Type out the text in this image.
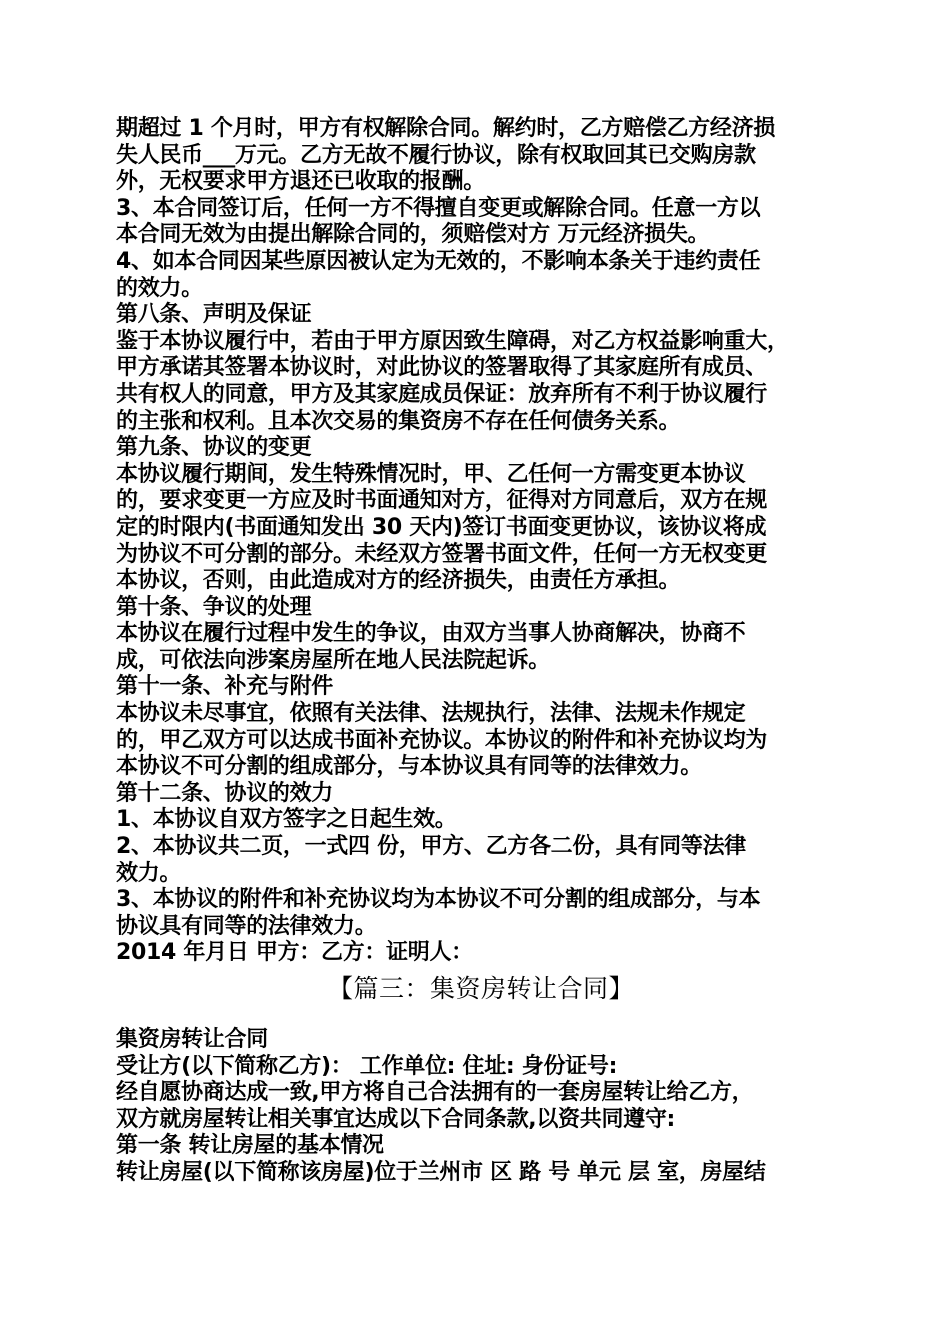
期超过 1 个月时，甲方有权解除合同。解约时，乙方赔偿乙方经济损
失人民币___万元。乙方无故不履行协议，除有权取回其已交购房款
外，无权要求甲方退还已收取的报酬。
3、本合同签订后，任何一方不得擅自变更或解除合同。任意一方以
本合同无效为由提出解除合同的，须赔偿对方 万元经济损失。
4、如本合同因某些原因被认定为无效的，不影响本条关于违约责任
的效力。
第八条、声明及保证
鉴于本协议履行中，若由于甲方原因致生障碍，对乙方权益影响重大，
甲方承诺其签署本协议时，对此协议的签署取得了其家庭所有成员、
共有权人的同意，甲方及其家庭成员保证：放弃所有不利于协议履行
的主张和权利。且本次交易的集资房不存在任何债务关系。
第九条、协议的变更
本协议履行期间，发生特殊情况时，甲、乙任何一方需变更本协议
的，要求变更一方应及时书面通知对方，征得对方同意后，双方在规
定的时限内(书面通知发出 30 天内)签订书面变更协议，该协议将成
为协议不可分割的部分。未经双方签署书面文件，任何一方无权变更
本协议，否则，由此造成对方的经济损失，由责任方承担。
第十条、争议的处理
本协议在履行过程中发生的争议，由双方当事人协商解决，协商不
成，可依法向涉案房屋所在地人民法院起诉。
第十一条、补充与附件
本协议未尽事宜，依照有关法律、法规执行，法律、法规未作规定
的，甲乙双方可以达成书面补充协议。本协议的附件和补充协议均为
本协议不可分割的组成部分，与本协议具有同等的法律效力。
第十二条、协议的效力
1、本协议自双方签字之日起生效。
2、本协议共二页，一式四 份，甲方、乙方各二份，具有同等法律
效力。
3、本协议的附件和补充协议均为本协议不可分割的组成部分，与本
协议具有同等的法律效力。
2014 年月日 甲方：乙方：证明人：
【篇三：集资房转让合同】
集资房转让合同
受让方(以下简称乙方)： 工作单位: 住址: 身份证号:
经自愿协商达成一致,甲方将自己合法拥有的一套房屋转让给乙方，
双方就房屋转让相关事宜达成以下合同条款,以资共同遵守:
第一条 转让房屋的基本情况
转让房屋(以下简称该房屋)位于兰州市 区 路 号 单元 层 室，房屋结
